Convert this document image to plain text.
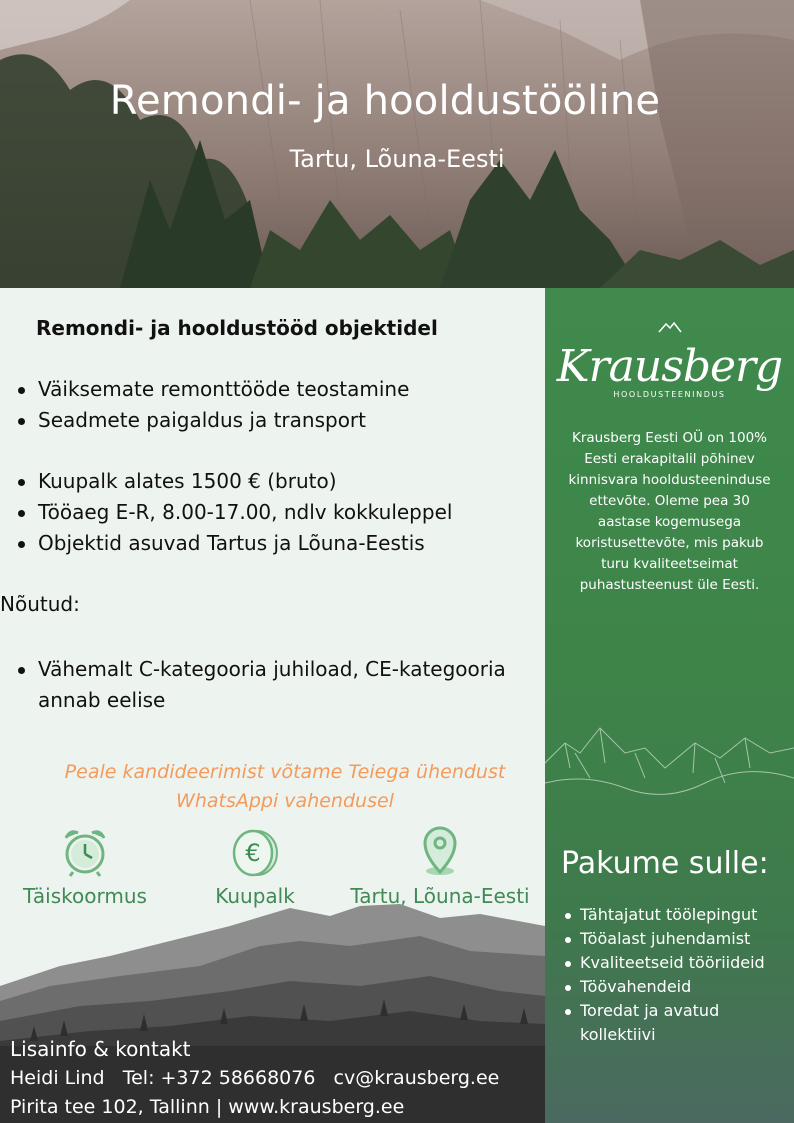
Remondi- ja hooldustööline
Tartu, Lõuna-Eesti
Remondi- ja hooldustööd objektidel
Väiksemate remonttööde teostamine
Seadmete paigaldus ja transport
Kuupalk alates 1500 € (bruto)
Tööaeg E-R, 8.00-17.00, ndlv kokkuleppel
Objektid asuvad Tartus ja Lõuna-Eestis
Nõutud:
Vähemalt C-kategooria juhiload, CE-kategooria annab eelise
Peale kandideerimist võtame Teiega ühendust
WhatsAppi vahendusel
Täiskoormus
€
Kuupalk	Tartu, Lõuna-Eesti
Lisainfo & kontakt
Heidi Lind   Tel: +372 58668076   cv@krausberg.ee
Pirita tee 102, Tallinn | www.krausberg.ee
Krausberg
HOOLDUSTEENINDUS
Krausberg Eesti OÜ on 100% Eesti erakapitalil põhinev kinnisvara hooldusteeninduse ettevõte. Oleme pea 30 aastase kogemusega koristusettevõte, mis pakub turu kvaliteetseimat puhastusteenust üle Eesti.
Pakume sulle:
Tähtajatut töölepingut
Tööalast juhendamist
Kvaliteetseid tööriideid
Töövahendeid
Toredat ja avatud kollektiivi
